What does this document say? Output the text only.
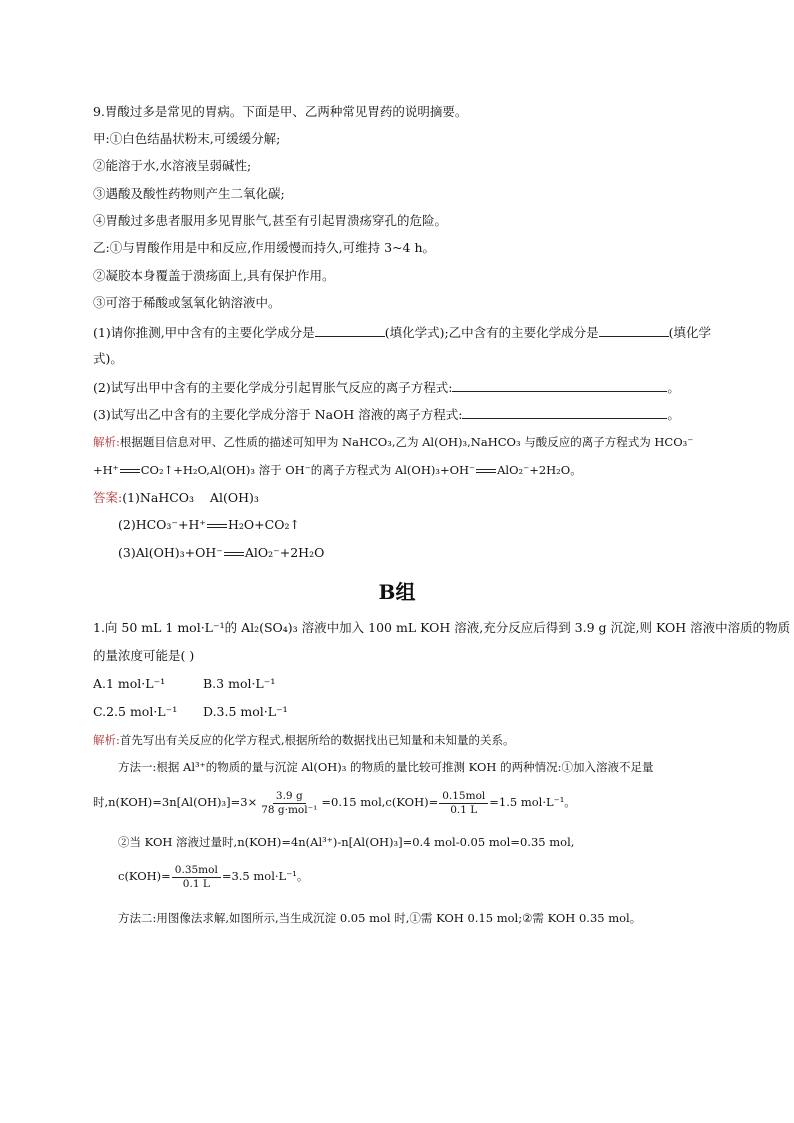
9.胃酸过多是常见的胃病。下面是甲、乙两种常见胃药的说明摘要。
甲:①白色结晶状粉末,可缓缓分解;
②能溶于水,水溶液呈弱碱性;
③遇酸及酸性药物则产生二氧化碳;
④胃酸过多患者服用多见胃胀气,甚至有引起胃溃疡穿孔的危险。
乙:①与胃酸作用是中和反应,作用缓慢而持久,可维持 3~4 h。
②凝胶本身覆盖于溃疡面上,具有保护作用。
③可溶于稀酸或氢氧化钠溶液中。
(1)请你推测,甲中含有的主要化学成分是	(填化学式);乙中含有的主要化学成分是	(填化学
式)。
(2)试写出甲中含有的主要化学成分引起胃胀气反应的离子方程式:	。
(3)试写出乙中含有的主要化学成分溶于 NaOH 溶液的离子方程式:	。
解析:根据题目信息对甲、乙性质的描述可知甲为 NaHCO₃,乙为 Al(OH)₃,NaHCO₃ 与酸反应的离子方程式为 HCO₃⁻
+H⁺ CO₂↑+H₂O,Al(OH)₃ 溶于 OH⁻的离子方程式为 Al(OH)₃+OH⁻ AlO₂⁻+2H₂O。
答案:(1)NaHCO₃    Al(OH)₃
(2)HCO₃⁻+H⁺ H₂O+CO₂↑
(3)Al(OH)₃+OH⁻ AlO₂⁻+2H₂O
B组
1.向 50 mL 1 mol·L⁻¹的 Al₂(SO₄)₃ 溶液中加入 100 mL KOH 溶液,充分反应后得到 3.9 g 沉淀,则 KOH 溶液中溶质的物质
的量浓度可能是( )
A.1 mol·L⁻¹	B.3 mol·L⁻¹
C.2.5 mol·L⁻¹ D.3.5 mol·L⁻¹
解析:首先写出有关反应的化学方程式,根据所给的数据找出已知量和未知量的关系。
方法一:根据 Al³⁺的物质的量与沉淀 Al(OH)₃ 的物质的量比较可推测 KOH 的两种情况:①加入溶液不足量
时$,n(KOH)=3n[Al(OH)_3]=3\times \frac{3.9 g}{\text{78 g·mol⁻¹}} =0.15$ $mol,c(KOH)= \frac{\text{0.15mol}}{0.1 L} =1.5$ mol·L⁻¹。
②当 KOH 溶液过量时,n(KOH)=4n(Al³⁺)-n[Al(OH)₃]=0.4 mol-0.05 mol=0.35 mol,
$c(KOH)= \frac{\text{0.35mol}}{0.1 L} =3.5$ mol·L⁻¹。
方法二:用图像法求解,如图所示,当生成沉淀 0.05 mol 时,①需 KOH 0.15 mol;②需 KOH 0.35 mol。
